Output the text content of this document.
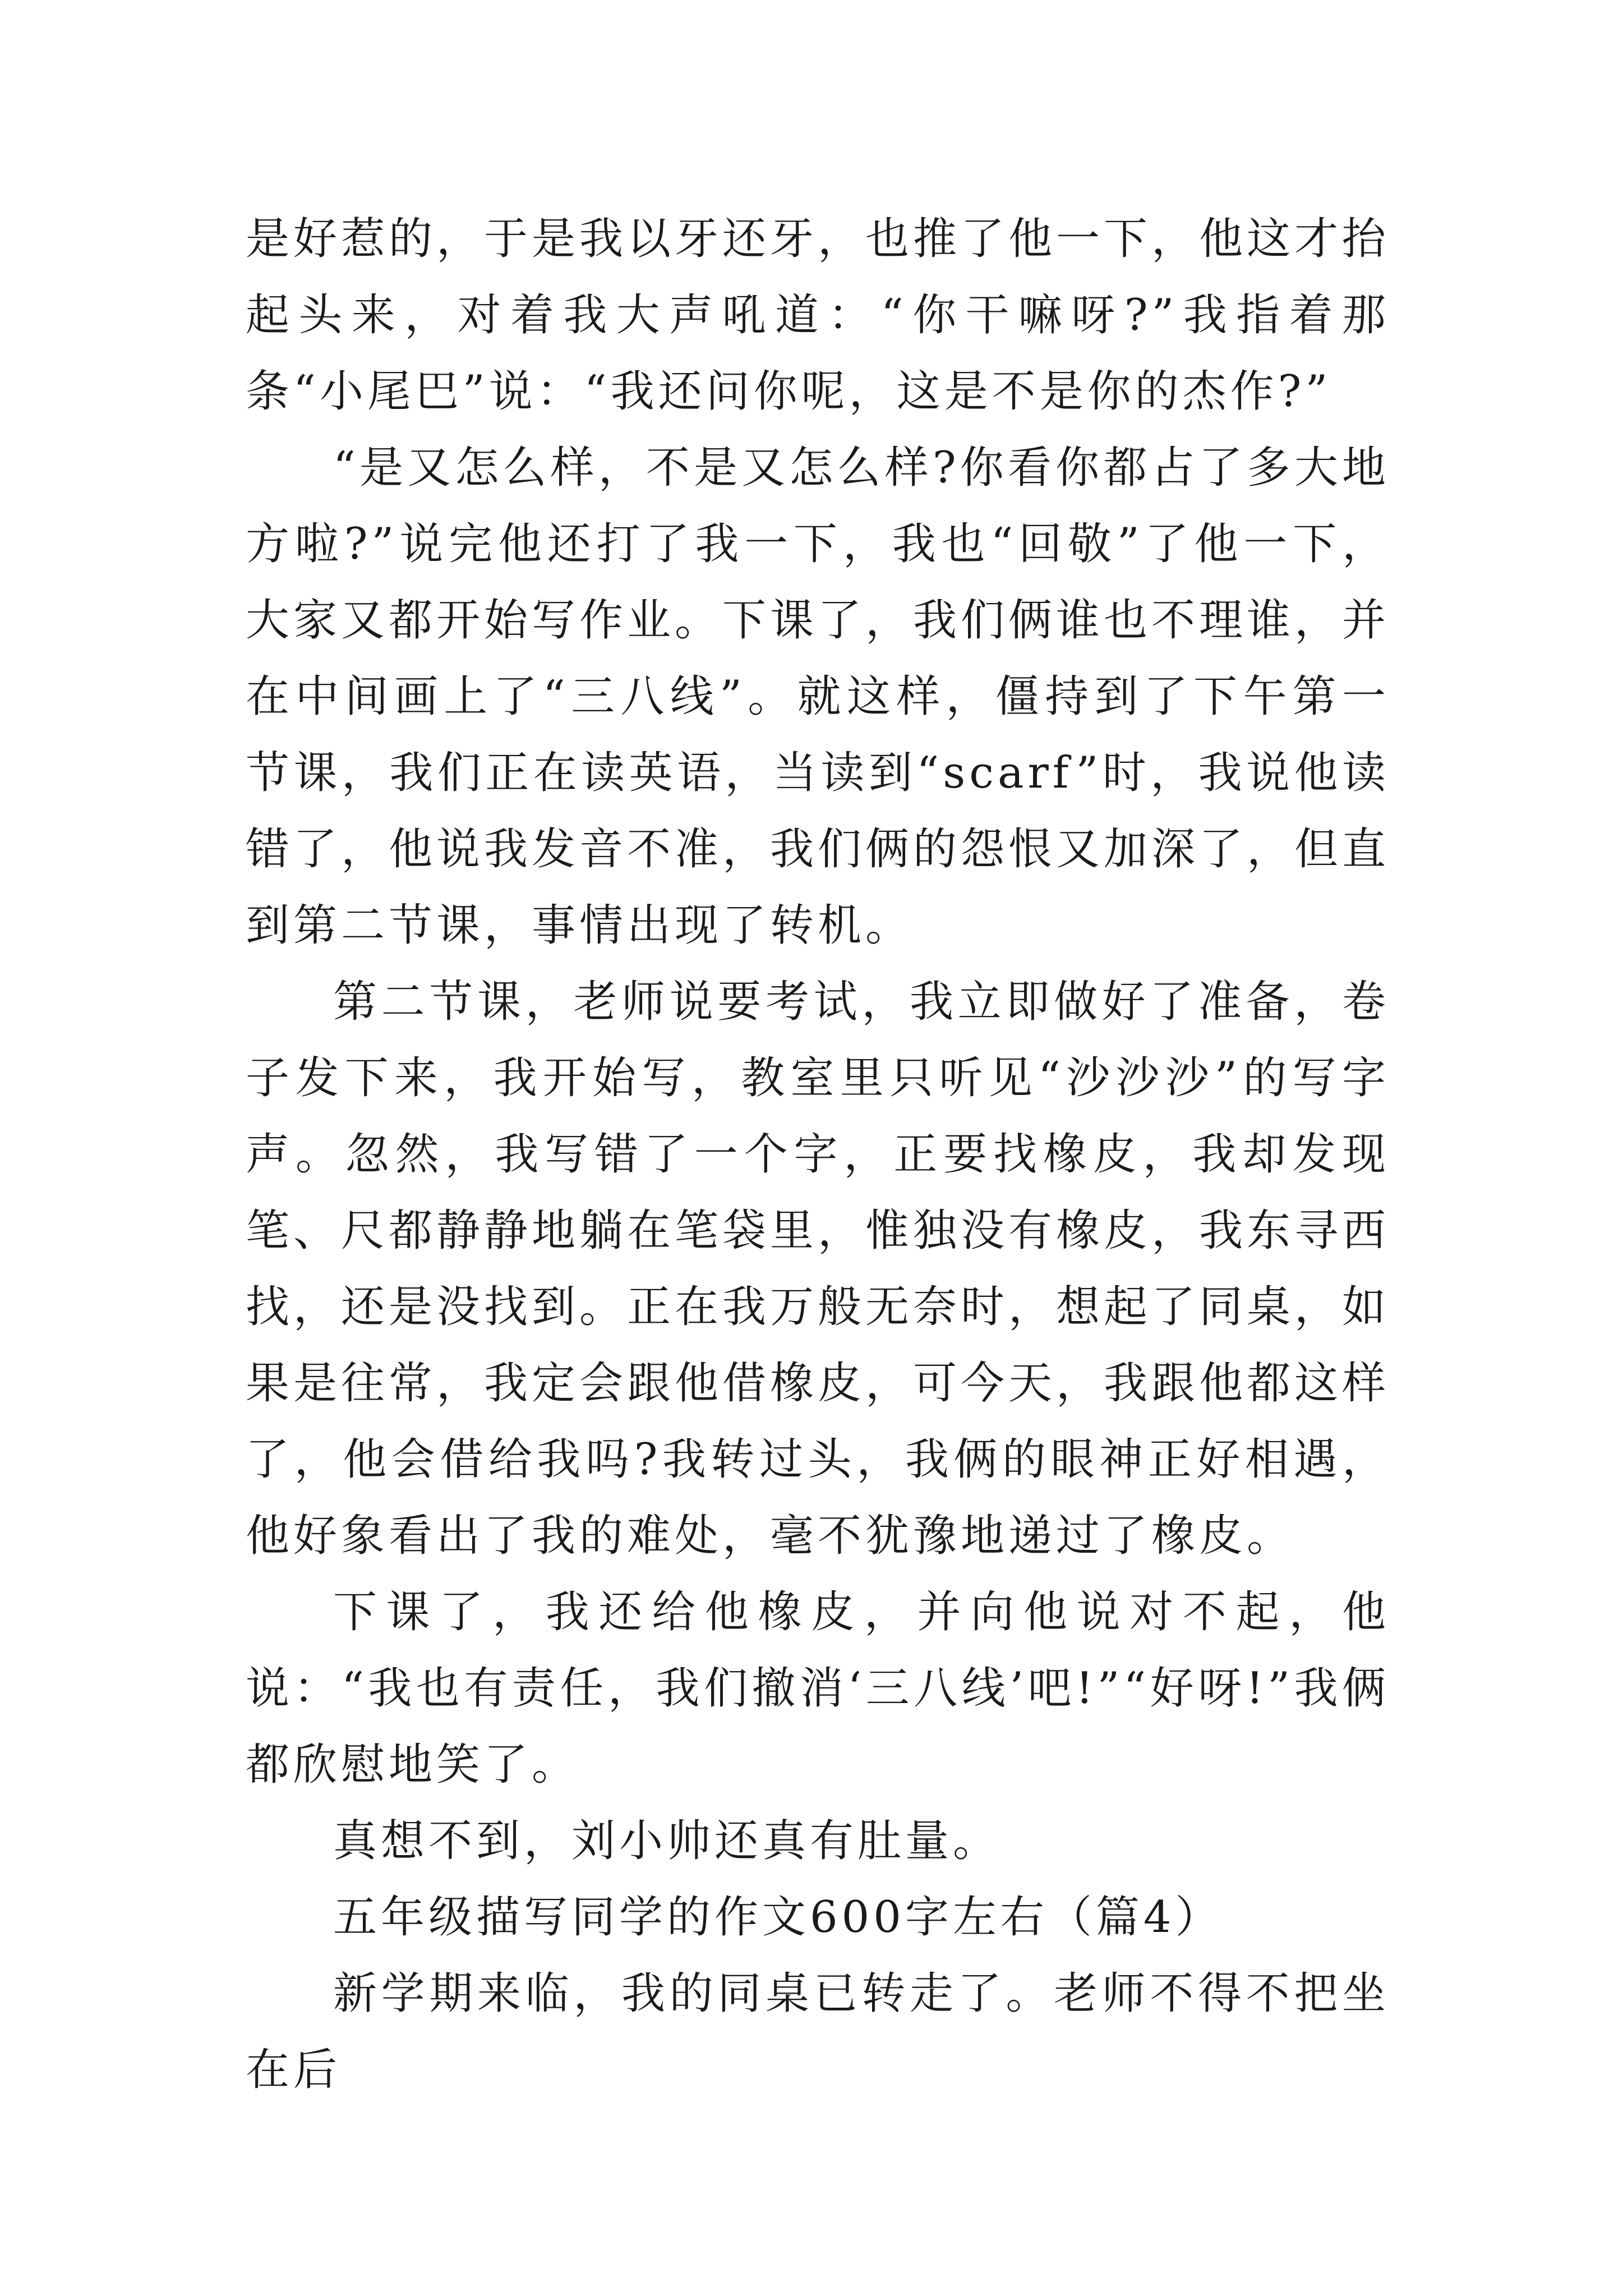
是好惹的，于是我以牙还牙，也推了他一下，他这才抬起头来，对着我大声吼道：“你干嘛呀?”我指着那条“小尾巴”说：“我还问你呢，这是不是你的杰作?”

“是又怎么样，不是又怎么样?你看你都占了多大地方啦?”说完他还打了我一下，我也“回敬”了他一下，大家又都开始写作业。下课了，我们俩谁也不理谁，并在中间画上了“三八线”。就这样，僵持到了下午第一节课，我们正在读英语，当读到“scarf”时，我说他读错了，他说我发音不准，我们俩的怨恨又加深了，但直到第二节课，事情出现了转机。

第二节课，老师说要考试，我立即做好了准备，卷子发下来，我开始写，教室里只听见“沙沙沙”的写字声。忽然，我写错了一个字，正要找橡皮，我却发现笔、尺都静静地躺在笔袋里，惟独没有橡皮，我东寻西找，还是没找到。正在我万般无奈时，想起了同桌，如果是往常，我定会跟他借橡皮，可今天，我跟他都这样了，他会借给我吗?我转过头，我俩的眼神正好相遇，他好象看出了我的难处，毫不犹豫地递过了橡皮。

下课了，我还给他橡皮，并向他说对不起，他说：“我也有责任，我们撤消‘三八线’吧!”“好呀!”我俩都欣慰地笑了。

真想不到，刘小帅还真有肚量。

五年级描写同学的作文600字左右（篇4）

新学期来临，我的同桌已转走了。老师不得不把坐在后
